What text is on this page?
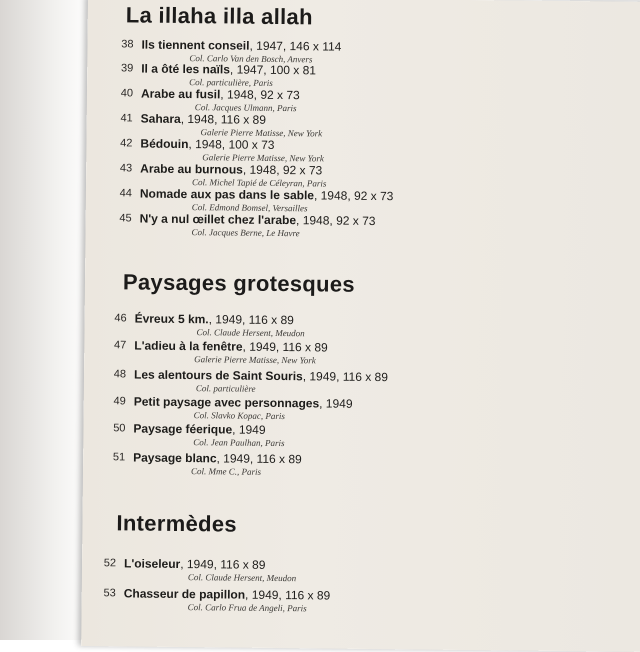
La illaha illa allah
38 Ils tiennent conseil, 1947, 146 x 114
Col. Carlo Van den Bosch, Anvers
39 Il a ôté les naïls, 1947, 100 x 81
Col. particulière, Paris
40 Arabe au fusil, 1948, 92 x 73
Col. Jacques Ulmann, Paris
41 Sahara, 1948, 116 x 89
Galerie Pierre Matisse, New York
42 Bédouin, 1948, 100 x 73
Galerie Pierre Matisse, New York
43 Arabe au burnous, 1948, 92 x 73
Col. Michel Tapié de Céleyran, Paris
44 Nomade aux pas dans le sable, 1948, 92 x 73
Col. Edmond Bomsel, Versailles
45 N'y a nul œillet chez l'arabe, 1948, 92 x 73
Col. Jacques Berne, Le Havre
Paysages grotesques
46 Évreux 5 km., 1949, 116 x 89
Col. Claude Hersent, Meudon
47 L'adieu à la fenêtre, 1949, 116 x 89
Galerie Pierre Matisse, New York
48 Les alentours de Saint Souris, 1949, 116 x 89
Col. particulière
49 Petit paysage avec personnages, 1949
Col. Slavko Kopac, Paris
50 Paysage féerique, 1949
Col. Jean Paulhan, Paris
51 Paysage blanc, 1949, 116 x 89
Col. Mme C., Paris
Intermèdes
52 L'oiseleur, 1949, 116 x 89
Col. Claude Hersent, Meudon
53 Chasseur de papillon, 1949, 116 x 89
Col. Carlo Frua de Angeli, Paris
